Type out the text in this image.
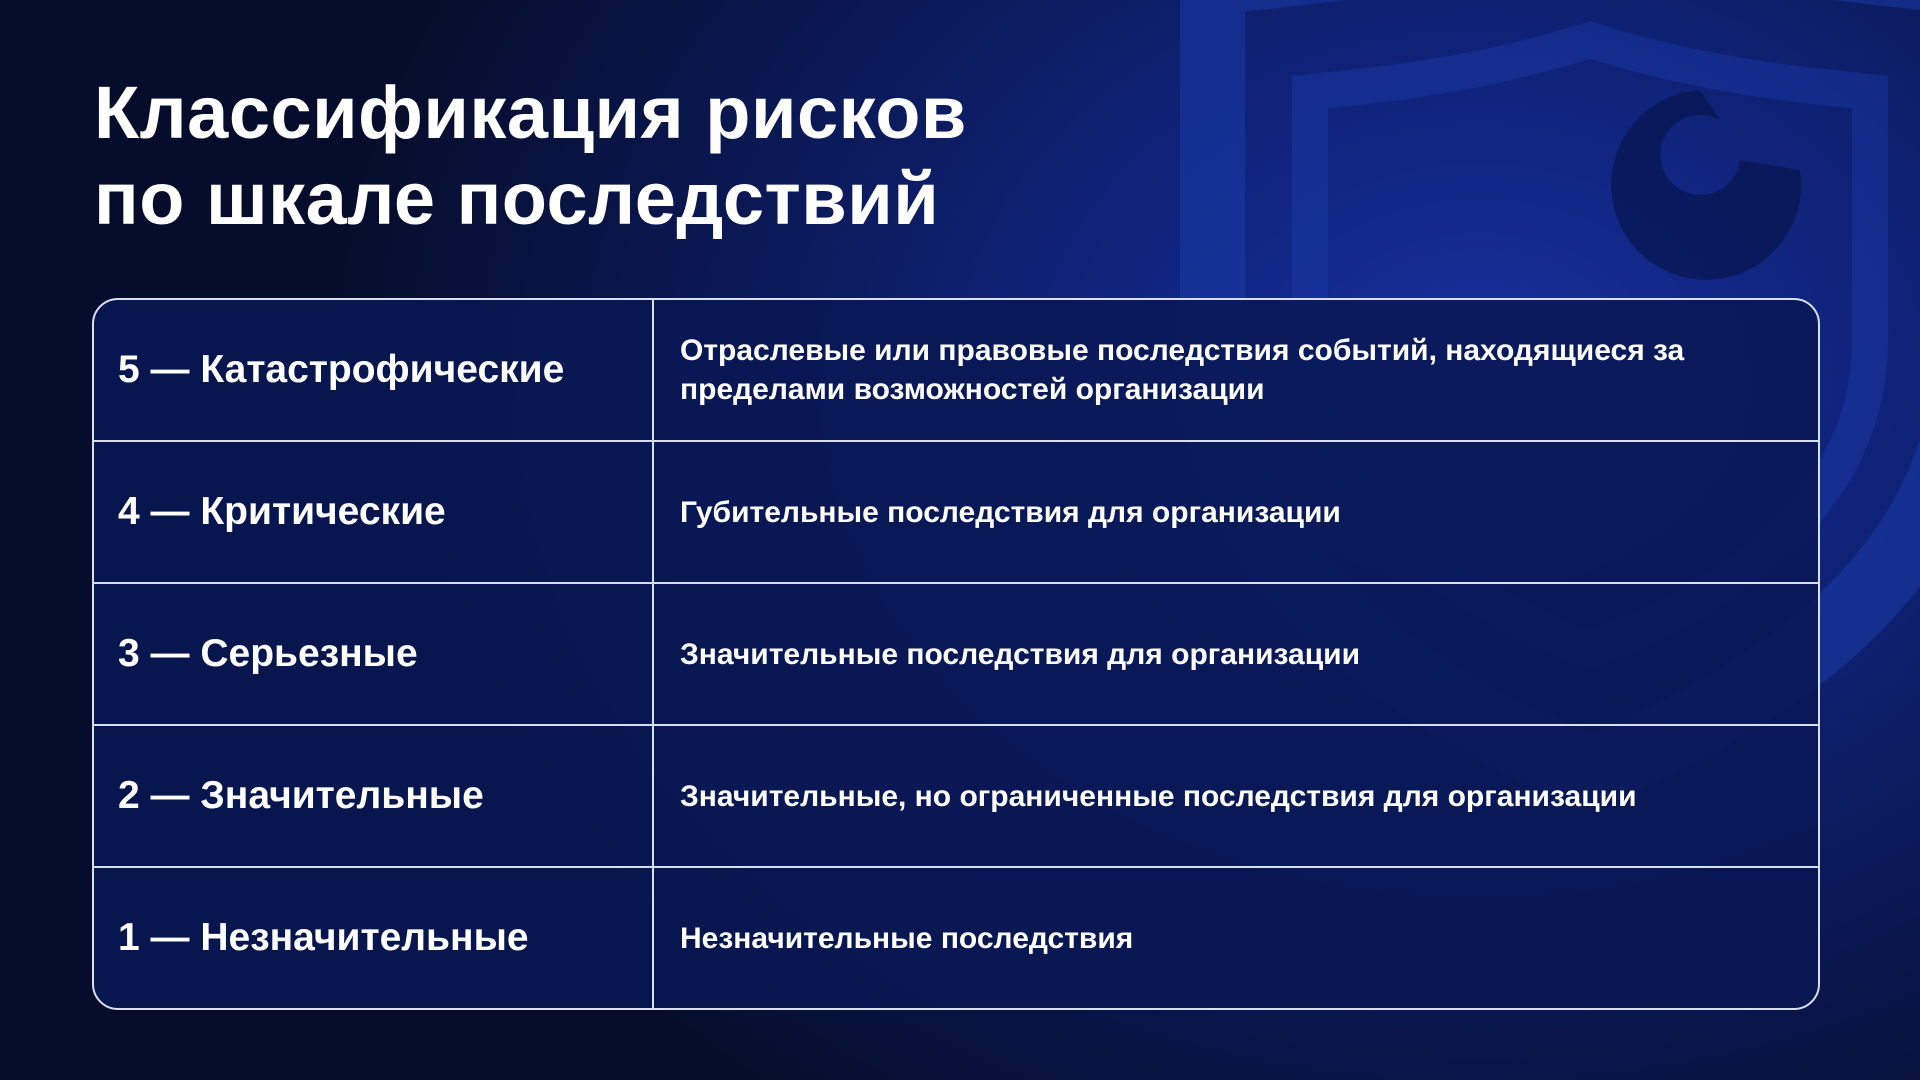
Классификация рисков
по шкале последствий
5 — Катастрофические	Отраслевые или правовые последствия событий, находящиеся за пределами возможностей организации
4 — Критические	Губительные последствия для организации
3 — Серьезные	Значительные последствия для организации
2 — Значительные	Значительные, но ограниченные последствия для организации
1 — Незначительные	Незначительные последствия
